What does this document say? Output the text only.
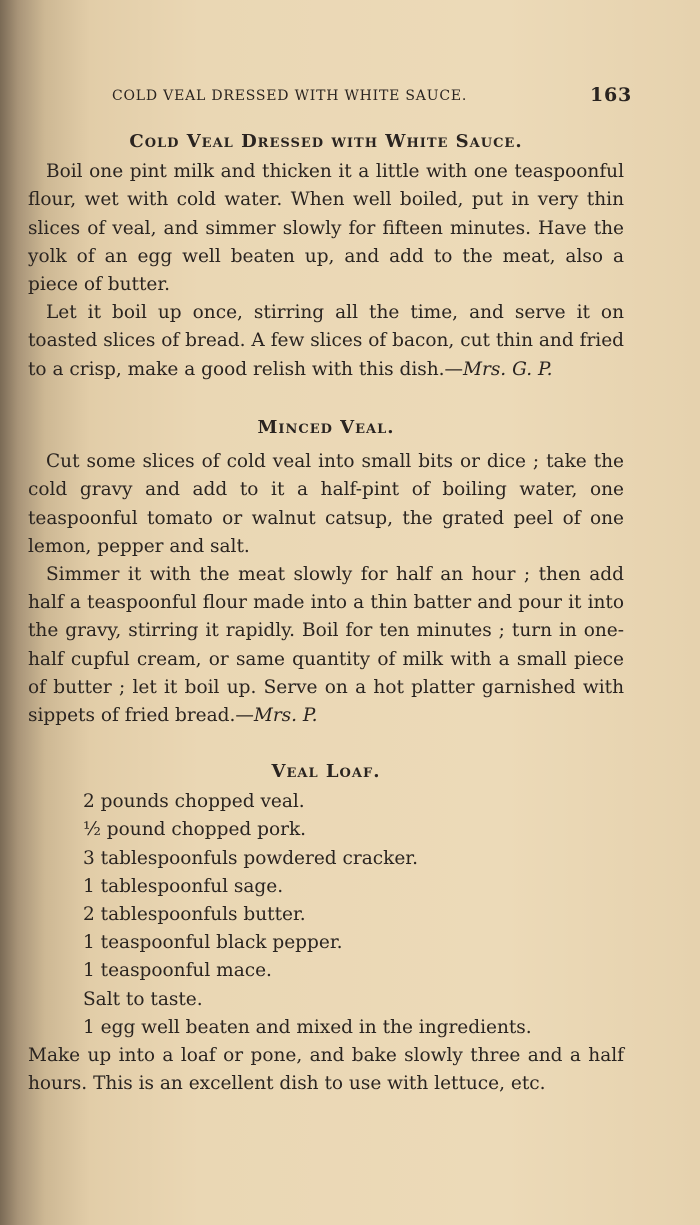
COLD VEAL DRESSED WITH WHITE SAUCE.	163
Cold Veal Dressed with White Sauce.

Boil one pint milk and thicken it a little with one teaspoonful flour, wet with cold water. When well boiled, put in very thin slices of veal, and simmer slowly for fifteen minutes. Have the yolk of an egg well beaten up, and add to the meat, also a piece of butter.

Let it boil up once, stirring all the time, and serve it on toasted slices of bread. A few slices of bacon, cut thin and fried to a crisp, make a good relish with this dish.—Mrs. G. P.

Minced Veal.

Cut some slices of cold veal into small bits or dice ; take the cold gravy and add to it a half-pint of boiling water, one teaspoonful tomato or walnut catsup, the grated peel of one lemon, pepper and salt.

Simmer it with the meat slowly for half an hour ; then add half a teaspoonful flour made into a thin batter and pour it into the gravy, stirring it rapidly. Boil for ten minutes ; turn in one-half cupful cream, or same quantity of milk with a small piece of butter ; let it boil up. Serve on a hot platter garnished with sippets of fried bread.—Mrs. P.

Veal Loaf.
2 pounds chopped veal.
½ pound chopped pork.
3 tablespoonfuls powdered cracker.
1 tablespoonful sage.
2 tablespoonfuls butter.
1 teaspoonful black pepper.
1 teaspoonful mace.
Salt to taste.
1 egg well beaten and mixed in the ingredients.

Make up into a loaf or pone, and bake slowly three and a half hours. This is an excellent dish to use with lettuce, etc.
